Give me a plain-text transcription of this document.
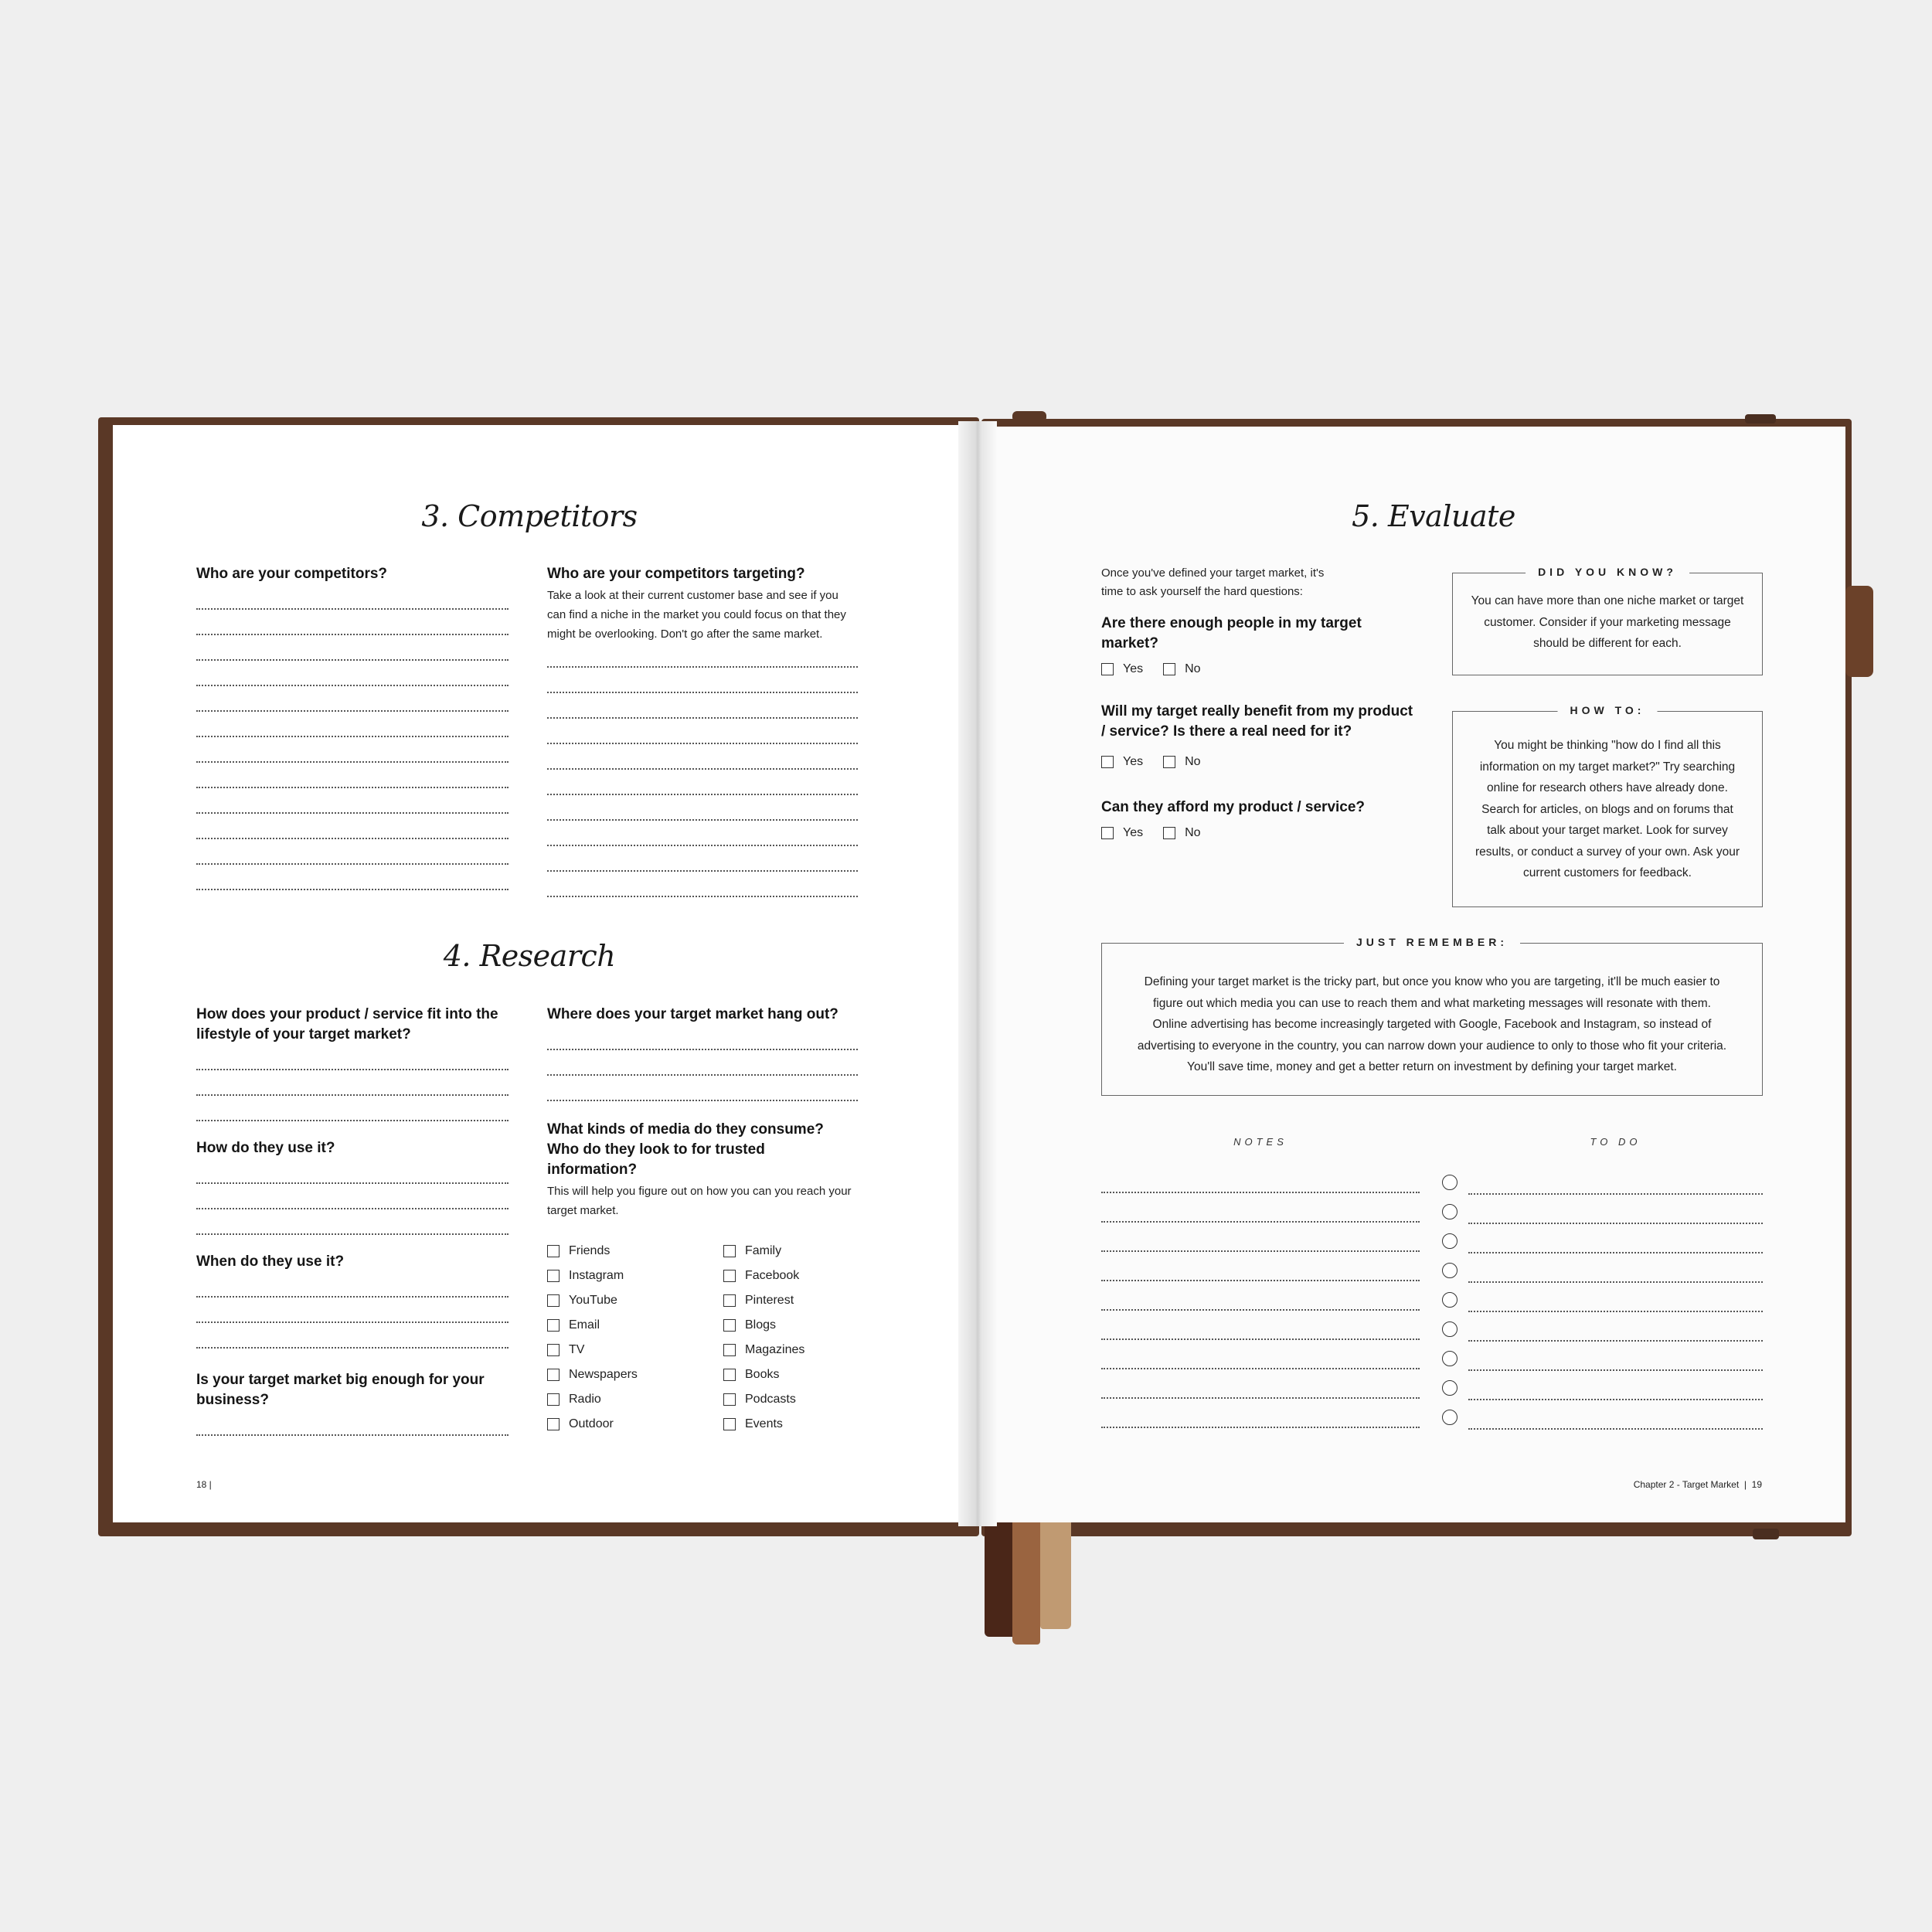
3. Competitors
Who are your competitors?	Who are your competitors targeting?
Take a look at their current customer base and see if you can find a niche in the market you could focus on that they might be overlooking. Don't go after the same market.
4. Research
How does your product / service fit into the lifestyle of your target market?
How do they use it?
When do they use it?
Is your target market big enough for your business?
Where does your target market hang out?
What kinds of media do they consume? Who do they look to for trusted information?
This will help you figure out on how you can you reach your target market.
Friends
Instagram
YouTube
Email
TV
Newspapers
Radio
Outdoor
Family
Facebook
Pinterest
Blogs
Magazines
Books
Podcasts
Events
18 |
5. Evaluate
Once you've defined your target market, it's time to ask yourself the hard questions:
Are there enough people in my target market?
Yes	No
Will my target really benefit from my product / service? Is there a real need for it?
Yes	No
Can they afford my product / service?
Yes	No
DID YOU KNOW?
You can have more than one niche market or target customer. Consider if your marketing message should be different for each.
HOW TO:
You might be thinking "how do I find all this information on my target market?" Try searching online for research others have already done. Search for articles, on blogs and on forums that talk about your target market. Look for survey results, or conduct a survey of your own. Ask your current customers for feedback.
JUST REMEMBER:
Defining your target market is the tricky part, but once you know who you are targeting, it'll be much easier to figure out which media you can use to reach them and what marketing messages will resonate with them. Online advertising has become increasingly targeted with Google, Facebook and Instagram, so instead of advertising to everyone in the country, you can narrow down your audience to only to those who fit your criteria. You'll save time, money and get a better return on investment by defining your target market.
NOTES	TO DO
Chapter 2 - Target Market  |  19
